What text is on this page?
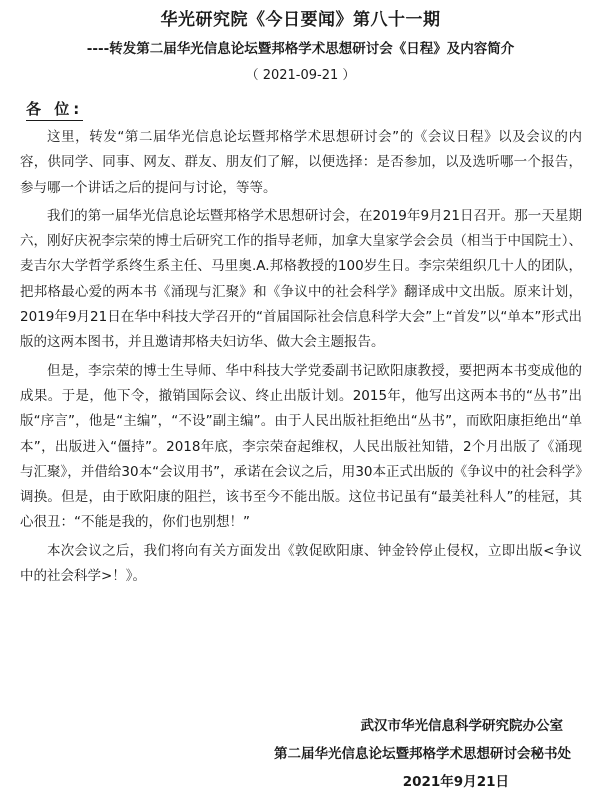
华光研究院《今日要闻》第八十一期
----转发第二届华光信息论坛暨邦格学术思想研讨会《日程》及内容简介
（ 2021-09-21 ）
各 位:

这里，转发“第二届华光信息论坛暨邦格学术思想研讨会”的《会议日程》以及会议的内容，供同学、同事、网友、群友、朋友们了解，以便选择：是否参加，以及选听哪一个报告，参与哪一个讲话之后的提问与讨论，等等。

我们的第一届华光信息论坛暨邦格学术思想研讨会，在2019年9月21日召开。那一天星期六，刚好庆祝李宗荣的博士后研究工作的指导老师，加拿大皇家学会会员（相当于中国院士）、麦吉尔大学哲学系终生系主任、马里奥.A.邦格教授的100岁生日。李宗荣组织几十人的团队，把邦格最心爱的两本书《涌现与汇聚》和《争议中的社会科学》翻译成中文出版。原来计划，2019年9月21日在华中科技大学召开的“首届国际社会信息科学大会”上“首发”以“单本”形式出版的这两本图书，并且邀请邦格夫妇访华、做大会主题报告。

但是，李宗荣的博士生导师、华中科技大学党委副书记欧阳康教授，要把两本书变成他的成果。于是，他下令，撤销国际会议、终止出版计划。2015年，他写出这两本书的“丛书”出版“序言”，他是“主编”，“不设”副主编”。由于人民出版社拒绝出“丛书”，而欧阳康拒绝出“单本”，出版进入“僵持”。2018年底，李宗荣奋起维权，人民出版社知错，2个月出版了《涌现与汇聚》，并借给30本“会议用书”，承诺在会议之后，用30本正式出版的《争议中的社会科学》调换。但是，由于欧阳康的阻拦，该书至今不能出版。这位书记虽有“最美社科人”的桂冠，其心很丑：“不能是我的，你们也别想！”

本次会议之后，我们将向有关方面发出《敦促欧阳康、钟金铃停止侵权，立即出版<争议中的社会科学>！》。

武汉市华光信息科学研究院办公室
第二届华光信息论坛暨邦格学术思想研讨会秘书处
2021年9月21日
